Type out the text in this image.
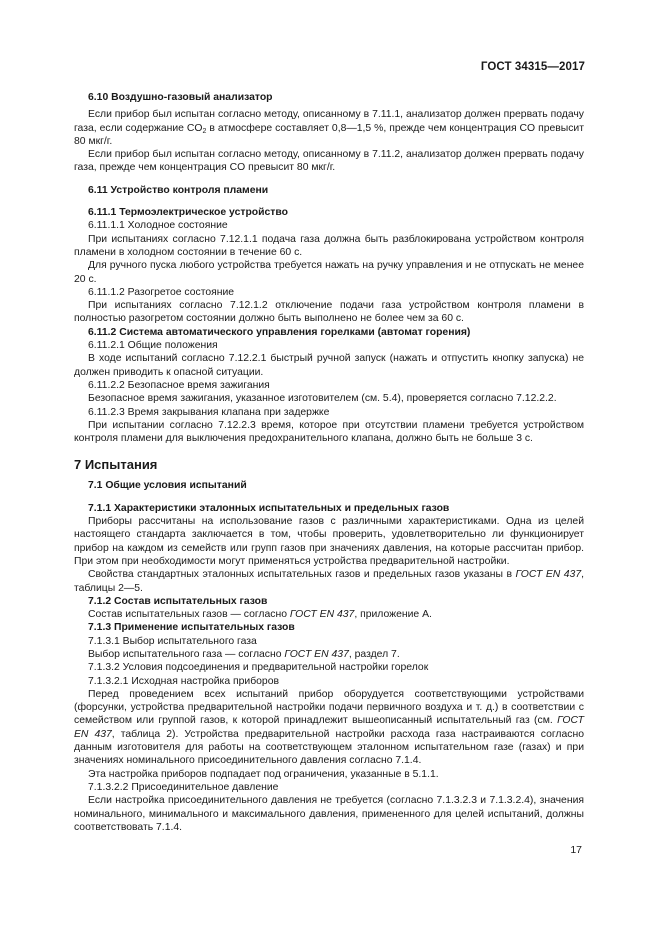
ГОСТ 34315—2017

6.10 Воздушно-газовый анализатор

Если прибор был испытан согласно методу, описанному в 7.11.1, анализатор должен прервать подачу газа, если содержание $CO_2$ в атмосфере составляет 0,8—1,5 %, прежде чем концентрация CO превысит 80 мкг/г.

Если прибор был испытан согласно методу, описанному в 7.11.2, анализатор должен прервать подачу газа, прежде чем концентрация CO превысит 80 мкг/г.

6.11 Устройство контроля пламени

6.11.1 Термоэлектрическое устройство

6.11.1.1 Холодное состояние

При испытаниях согласно 7.12.1.1 подача газа должна быть разблокирована устройством контроля пламени в холодном состоянии в течение 60 с.

Для ручного пуска любого устройства требуется нажать на ручку управления и не отпускать не менее 20 с.

6.11.1.2 Разогретое состояние

При испытаниях согласно 7.12.1.2 отключение подачи газа устройством контроля пламени в полностью разогретом состоянии должно быть выполнено не более чем за 60 с.

6.11.2 Система автоматического управления горелками (автомат горения)

6.11.2.1 Общие положения

В ходе испытаний согласно 7.12.2.1 быстрый ручной запуск (нажать и отпустить кнопку запуска) не должен приводить к опасной ситуации.

6.11.2.2 Безопасное время зажигания

Безопасное время зажигания, указанное изготовителем (см. 5.4), проверяется согласно 7.12.2.2.

6.11.2.3 Время закрывания клапана при задержке

При испытании согласно 7.12.2.3 время, которое при отсутствии пламени требуется устройством контроля пламени для выключения предохранительного клапана, должно быть не больше 3 с.

7 Испытания

7.1 Общие условия испытаний

7.1.1 Характеристики эталонных испытательных и предельных газов

Приборы рассчитаны на использование газов с различными характеристиками. Одна из целей настоящего стандарта заключается в том, чтобы проверить, удовлетворительно ли функционирует прибор на каждом из семейств или групп газов при значениях давления, на которые рассчитан прибор. При этом при необходимости могут применяться устройства предварительной настройки.

Свойства стандартных эталонных испытательных газов и предельных газов указаны в ГОСТ EN 437, таблицы 2—5.

7.1.2 Состав испытательных газов

Состав испытательных газов — согласно ГОСТ EN 437, приложение А.

7.1.3 Применение испытательных газов

7.1.3.1 Выбор испытательного газа

Выбор испытательного газа — согласно ГОСТ EN 437, раздел 7.

7.1.3.2 Условия подсоединения и предварительной настройки горелок

7.1.3.2.1 Исходная настройка приборов

Перед проведением всех испытаний прибор оборудуется соответствующими устройствами (форсунки, устройства предварительной настройки подачи первичного воздуха и т. д.) в соответствии с семейством или группой газов, к которой принадлежит вышеописанный испытательный газ (см. ГОСТ EN 437, таблица 2). Устройства предварительной настройки расхода газа настраиваются согласно данным изготовителя для работы на соответствующем эталонном испытательном газе (газах) и при значениях номинального присоединительного давления согласно 7.1.4.

Эта настройка приборов подпадает под ограничения, указанные в 5.1.1.

7.1.3.2.2 Присоединительное давление

Если настройка присоединительного давления не требуется (согласно 7.1.3.2.3 и 7.1.3.2.4), значения номинального, минимального и максимального давления, примененного для целей испытаний, должны соответствовать 7.1.4.

17
